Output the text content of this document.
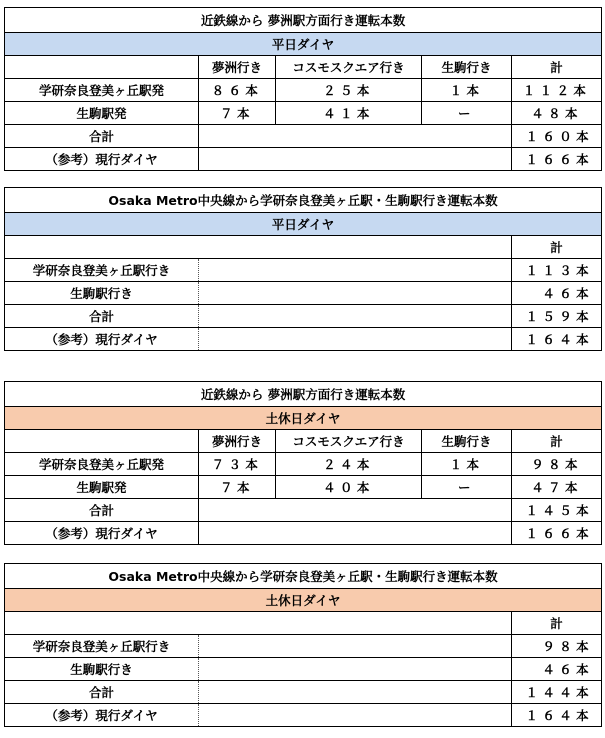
近鉄線から 夢洲駅方面行き運転本数				
平日ダイヤ				
	夢洲行き	コスモスクエア行き	生駒行き	計
学研奈良登美ヶ丘駅発	８６本	２５本	１本	１１２本
生駒駅発	７本	４１本	ー	４８本
合計				１６０本
（参考）現行ダイヤ				１６６本
Osaka Metro中央線から学研奈良登美ヶ丘駅・生駒駅行き運転本数		
平日ダイヤ		
		計
学研奈良登美ヶ丘駅行き		１１３本
生駒駅行き		４６本
合計		１５９本
（参考）現行ダイヤ		１６４本
近鉄線から 夢洲駅方面行き運転本数				
土休日ダイヤ				
	夢洲行き	コスモスクエア行き	生駒行き	計
学研奈良登美ヶ丘駅発	７３本	２４本	１本	９８本
生駒駅発	７本	４０本	ー	４７本
合計				１４５本
（参考）現行ダイヤ				１６６本
Osaka Metro中央線から学研奈良登美ヶ丘駅・生駒駅行き運転本数		
土休日ダイヤ		
		計
学研奈良登美ヶ丘駅行き		９８本
生駒駅行き		４６本
合計		１４４本
（参考）現行ダイヤ		１６４本
